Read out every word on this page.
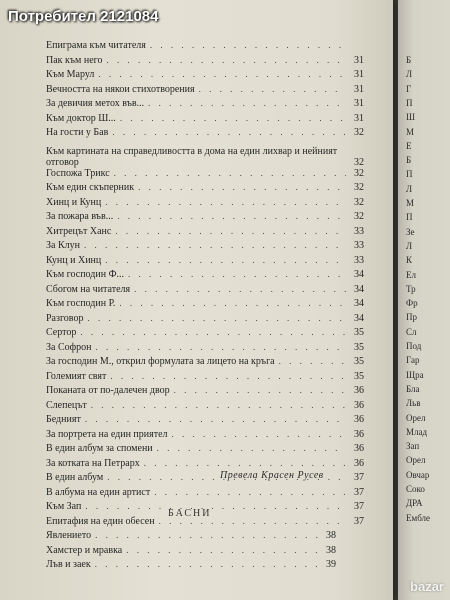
Епиграма към читателя
. . .
Пак към него . . .	31
Към Марул . . .	31
Вечността на някои стихотворения . . .	31
За девичия метох във... . . .	31
Към доктор Ш... . . .	31
На гости у Бав . . .	32
Към картината на справедливостта в дома на един лихвар и нейният отговор	32
Госпожа Трикс . . .	32
Към един скъперник . . .	32
Хинц и Кунц . . .	32
За пожара във... . . .	32
Хитрецът Ханс . . .	33
За Клун . . .	33
Кунц и Хинц . . .	33
Към господин Ф... . . .	34
Сбогом на читателя . . .	34
Към господин Р. . . .	34
Разговор . . .	34
Сертор . . .	35
За Софрон . . .	35
За господин М., открил формулата за лицето на кръга . . .	35
Големият свят . . .	35
Поканата от по-далечен двор . . .	36
Слепецът . . .	36
Бедният . . .	36
За портрета на един приятел . . .	36
В един албум за спомени . . .	36
За котката на Петрарх . . .	36
В един албум . . .	37
В албума на един артист . . .	37
Към Зап . . .	37
Епитафия на един обесен . . .	37
Превела Красен Русев
БАСНИ
Явлението . . .	38
Хамстер и мравка . . .	38
Лъв и заек . . .	39
Б
Л
Г
П
Ш
М
Е
Б
П
Л
М
П
Зе
Л
К
Ел
Тр
Фр
Пр
Сл
Под
Гар
Щра
Бла
Льв
Орел
Млад
Зап
Орел
Овчар
Соко
ДРА
Ембле
Потребител 2121084
bazar
